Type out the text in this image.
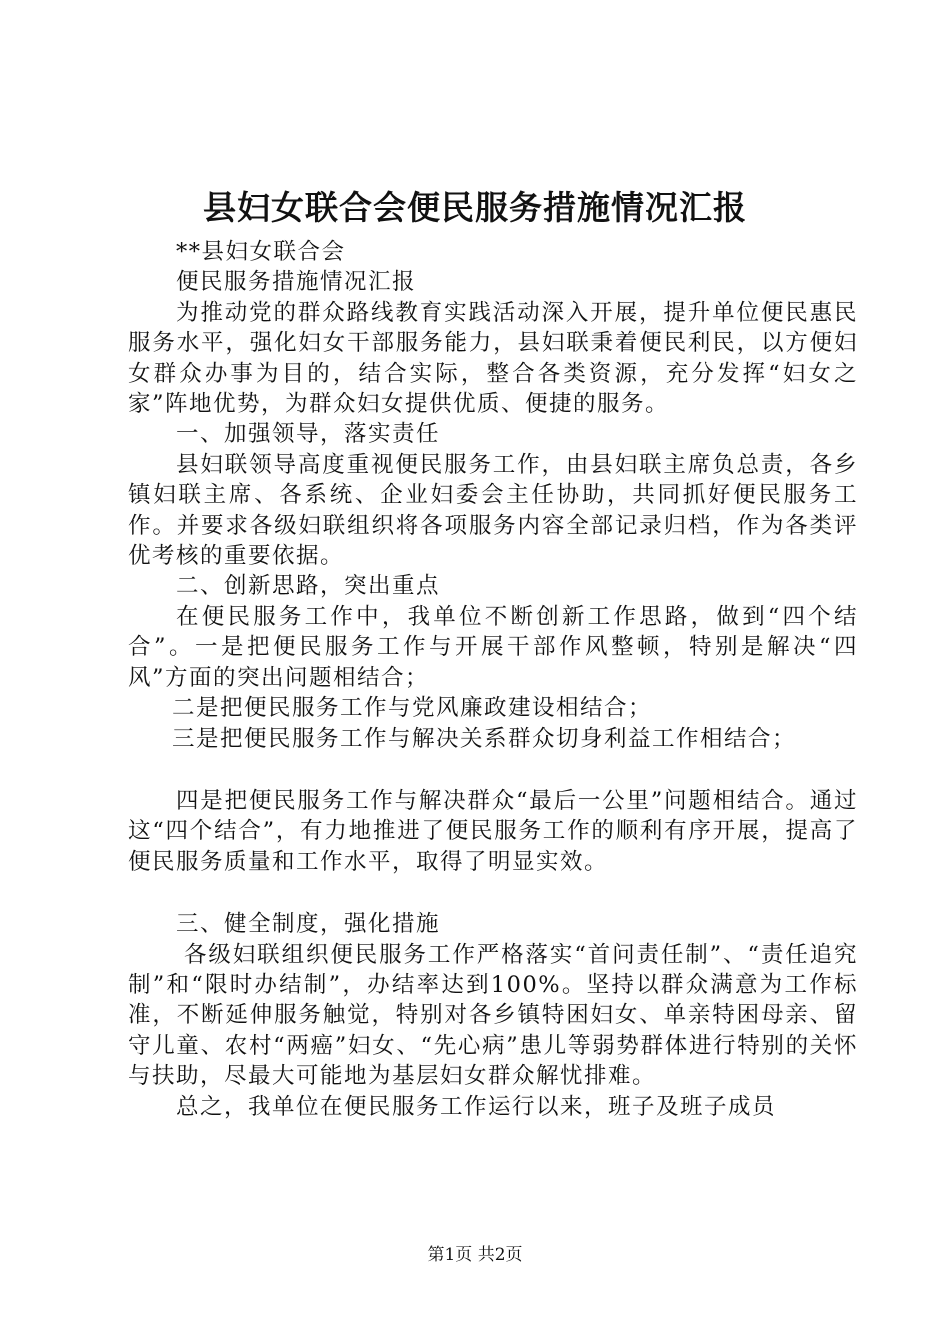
县妇女联合会便民服务措施情况汇报

**县妇女联合会

便民服务措施情况汇报

为推动党的群众路线教育实践活动深入开展，提升单位便民惠民服务水平，强化妇女干部服务能力，县妇联秉着便民利民，以方便妇女群众办事为目的，结合实际，整合各类资源，充分发挥“妇女之家”阵地优势，为群众妇女提供优质、便捷的服务。

一、加强领导，落实责任

县妇联领导高度重视便民服务工作，由县妇联主席负总责，各乡镇妇联主席、各系统、企业妇委会主任协助，共同抓好便民服务工作。并要求各级妇联组织将各项服务内容全部记录归档，作为各类评优考核的重要依据。

二、创新思路，突出重点

在便民服务工作中，我单位不断创新工作思路，做到“四个结合”。一是把便民服务工作与开展干部作风整顿，特别是解决“四风”方面的突出问题相结合；

二是把便民服务工作与党风廉政建设相结合；

三是把便民服务工作与解决关系群众切身利益工作相结合；

四是把便民服务工作与解决群众“最后一公里”问题相结合。通过这“四个结合”，有力地推进了便民服务工作的顺利有序开展，提高了便民服务质量和工作水平，取得了明显实效。

三、健全制度，强化措施

各级妇联组织便民服务工作严格落实“首问责任制”、“责任追究制”和“限时办结制”，办结率达到100%。坚持以群众满意为工作标准，不断延伸服务触觉，特别对各乡镇特困妇女、单亲特困母亲、留守儿童、农村“两癌”妇女、“先心病”患儿等弱势群体进行特别的关怀与扶助，尽最大可能地为基层妇女群众解忧排难。

总之，我单位在便民服务工作运行以来，班子及班子成员

第1页 共2页
